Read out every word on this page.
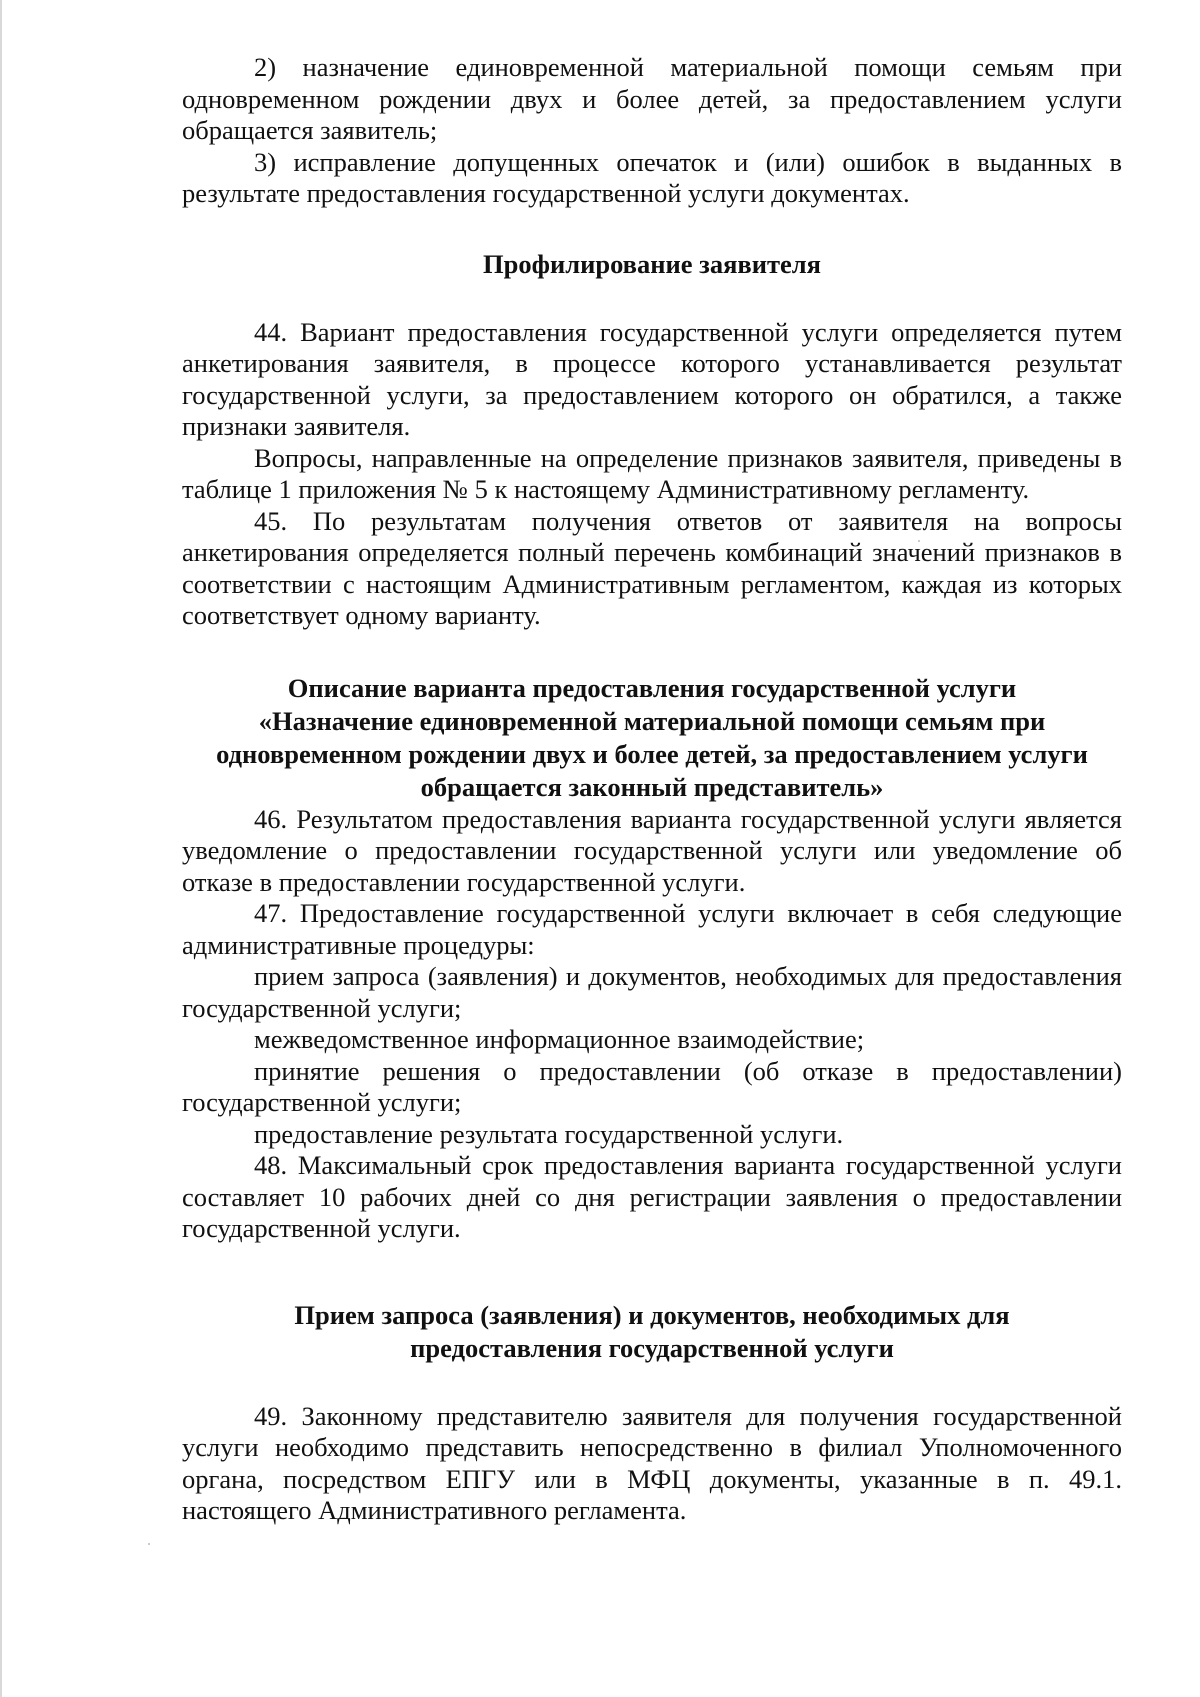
2) назначение единовременной материальной помощи семьям при одновременном рождении двух и более детей, за предоставлением услуги обращается заявитель;

3) исправление допущенных опечаток и (или) ошибок в выданных в результате предоставления государственной услуги документах.

Профилирование заявителя

44. Вариант предоставления государственной услуги определяется путем анкетирования заявителя, в процессе которого устанавливается результат государственной услуги, за предоставлением которого он обратился, а также признаки заявителя.

Вопросы, направленные на определение признаков заявителя, приведены в таблице 1 приложения № 5 к настоящему Административному регламенту.

45. По результатам получения ответов от заявителя на вопросы анкетирования определяется полный перечень комбинаций значений признаков в соответствии с настоящим Административным регламентом, каждая из которых соответствует одному варианту.

Описание варианта предоставления государственной услуги
«Назначение единовременной материальной помощи семьям при
одновременном рождении двух и более детей, за предоставлением услуги
обращается законный представитель»

46. Результатом предоставления варианта государственной услуги является уведомление о предоставлении государственной услуги или уведомление об отказе в предоставлении государственной услуги.

47. Предоставление государственной услуги включает в себя следующие административные процедуры:

прием запроса (заявления) и документов, необходимых для предоставления государственной услуги;

межведомственное информационное взаимодействие;

принятие решения о предоставлении (об отказе в предоставлении) государственной услуги;

предоставление результата государственной услуги.

48. Максимальный срок предоставления варианта государственной услуги составляет 10 рабочих дней со дня регистрации заявления о предоставлении государственной услуги.

Прием запроса (заявления) и документов, необходимых для
предоставления государственной услуги

49. Законному представителю заявителя для получения государственной услуги необходимо представить непосредственно в филиал Уполномоченного органа, посредством ЕПГУ или в МФЦ документы, указанные в п. 49.1. настоящего Административного регламента.
